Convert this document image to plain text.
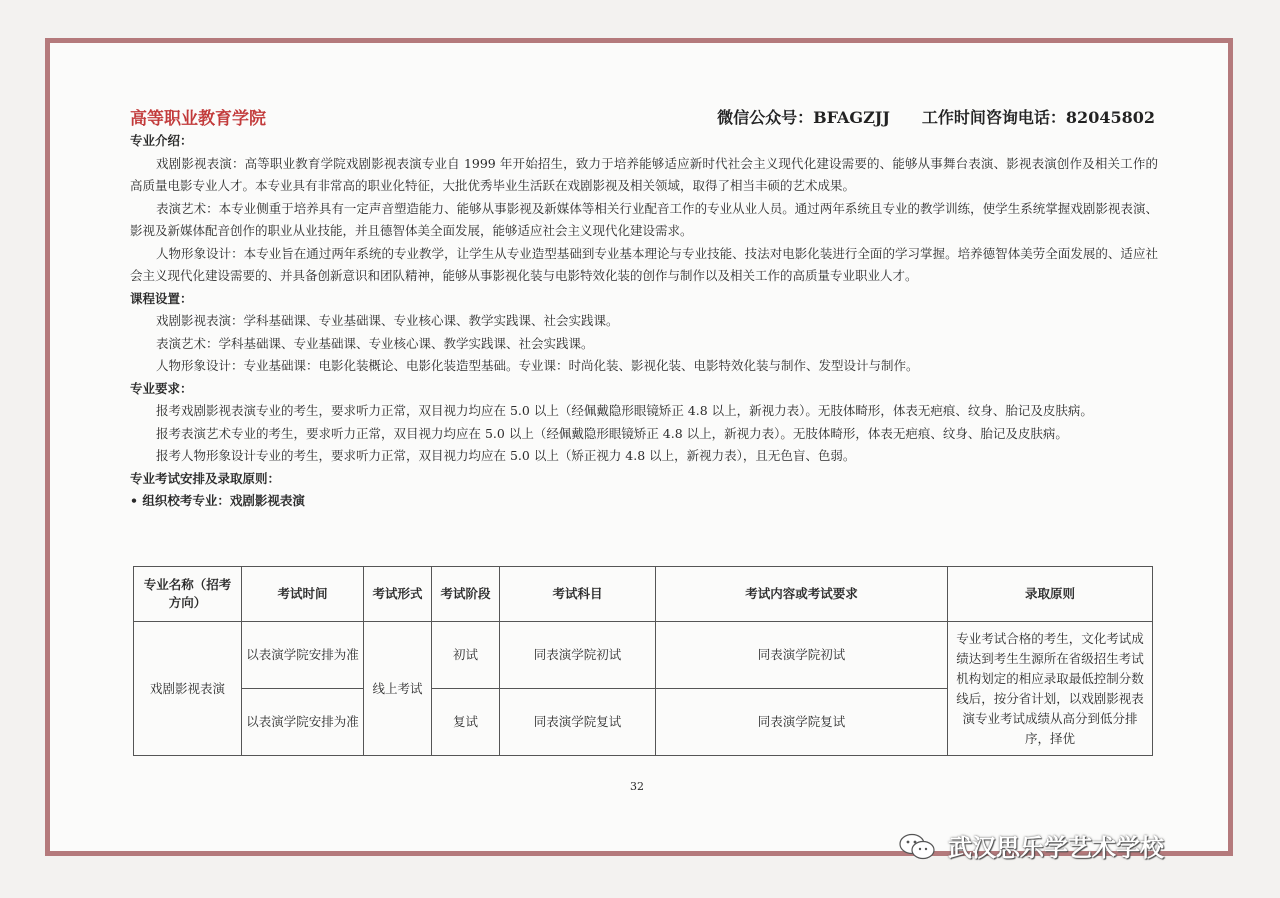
高等职业教育学院	微信公众号：BFAGZJJ 工作时间咨询电话：82045802
专业介绍：
戏剧影视表演：高等职业教育学院戏剧影视表演专业自 1999 年开始招生，致力于培养能够适应新时代社会主义现代化建设需要的、能够从事舞台表演、影视表演创作及相关工作的高质量电影专业人才。本专业具有非常高的职业化特征，大批优秀毕业生活跃在戏剧影视及相关领域，取得了相当丰硕的艺术成果。
表演艺术：本专业侧重于培养具有一定声音塑造能力、能够从事影视及新媒体等相关行业配音工作的专业从业人员。通过两年系统且专业的教学训练，使学生系统掌握戏剧影视表演、影视及新媒体配音创作的职业从业技能，并且德智体美全面发展，能够适应社会主义现代化建设需求。
人物形象设计：本专业旨在通过两年系统的专业教学，让学生从专业造型基础到专业基本理论与专业技能、技法对电影化装进行全面的学习掌握。培养德智体美劳全面发展的、适应社会主义现代化建设需要的、并具备创新意识和团队精神，能够从事影视化装与电影特效化装的创作与制作以及相关工作的高质量专业职业人才。
课程设置：
戏剧影视表演：学科基础课、专业基础课、专业核心课、教学实践课、社会实践课。
表演艺术：学科基础课、专业基础课、专业核心课、教学实践课、社会实践课。
人物形象设计：专业基础课：电影化装概论、电影化装造型基础。专业课：时尚化装、影视化装、电影特效化装与制作、发型设计与制作。
专业要求：
报考戏剧影视表演专业的考生，要求听力正常，双目视力均应在 5.0 以上（经佩戴隐形眼镜矫正 4.8 以上，新视力表）。无肢体畸形，体表无疤痕、纹身、胎记及皮肤病。
报考表演艺术专业的考生，要求听力正常，双目视力均应在 5.0 以上（经佩戴隐形眼镜矫正 4.8 以上，新视力表）。无肢体畸形，体表无疤痕、纹身、胎记及皮肤病。
报考人物形象设计专业的考生，要求听力正常，双目视力均应在 5.0 以上（矫正视力 4.8 以上，新视力表），且无色盲、色弱。
专业考试安排及录取原则：
• 组织校考专业：戏剧影视表演
专业名称（招考方向）	考试时间	考试形式	考试阶段	考试科目	考试内容或考试要求	录取原则
戏剧影视表演	以表演学院安排为准	线上考试	初试	同表演学院初试	同表演学院初试	专业考试合格的考生，文化考试成绩达到考生生源所在省级招生考试机构划定的相应录取最低控制分数线后，按分省计划，以戏剧影视表演专业考试成绩从高分到低分排序，择优
	以表演学院安排为准		复试	同表演学院复试	同表演学院复试	
32
武汉思乐学艺术学校
